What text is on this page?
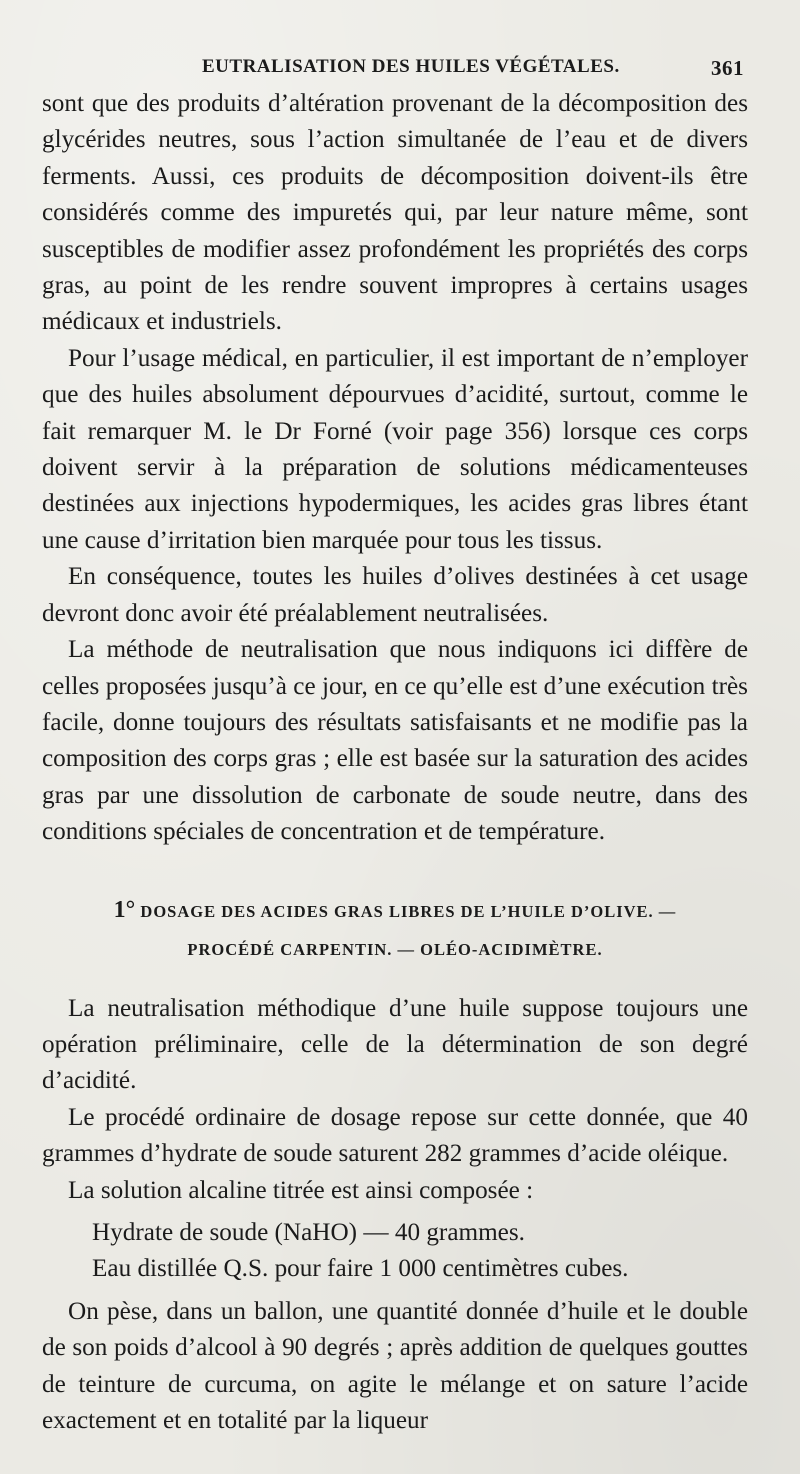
EUTRALISATION DES HUILES VÉGÉTALES.	361

sont que des produits d’altération provenant de la décomposition des glycérides neutres, sous l’action simultanée de l’eau et de divers ferments. Aussi, ces produits de décomposition doivent-ils être considérés comme des impuretés qui, par leur nature même, sont susceptibles de modifier assez profondément les propriétés des corps gras, au point de les rendre souvent impropres à certains usages médicaux et industriels.

Pour l’usage médical, en particulier, il est important de n’employer que des huiles absolument dépourvues d’acidité, surtout, comme le fait remarquer M. le Dr Forné (voir page 356) lorsque ces corps doivent servir à la préparation de solutions médicamenteuses destinées aux injections hypodermiques, les acides gras libres étant une cause d’irritation bien marquée pour tous les tissus.

En conséquence, toutes les huiles d’olives destinées à cet usage devront donc avoir été préalablement neutralisées.

La méthode de neutralisation que nous indiquons ici diffère de celles proposées jusqu’à ce jour, en ce qu’elle est d’une exécution très facile, donne toujours des résultats satisfaisants et ne modifie pas la composition des corps gras ; elle est basée sur la saturation des acides gras par une dissolution de carbonate de soude neutre, dans des conditions spéciales de concentration et de température.

1° DOSAGE DES ACIDES GRAS LIBRES DE L’HUILE D’OLIVE. —
PROCÉDÉ CARPENTIN. — OLÉO-ACIDIMÈTRE.

La neutralisation méthodique d’une huile suppose toujours une opération préliminaire, celle de la détermination de son degré d’acidité.

Le procédé ordinaire de dosage repose sur cette donnée, que 40 grammes d’hydrate de soude saturent 282 grammes d’acide oléique.

La solution alcaline titrée est ainsi composée :

Hydrate de soude (NaHO) — 40 grammes.

Eau distillée Q.S. pour faire 1 000 centimètres cubes.

On pèse, dans un ballon, une quantité donnée d’huile et le double de son poids d’alcool à 90 degrés ; après addition de quelques gouttes de teinture de curcuma, on agite le mélange et on sature l’acide exactement et en totalité par la liqueur
